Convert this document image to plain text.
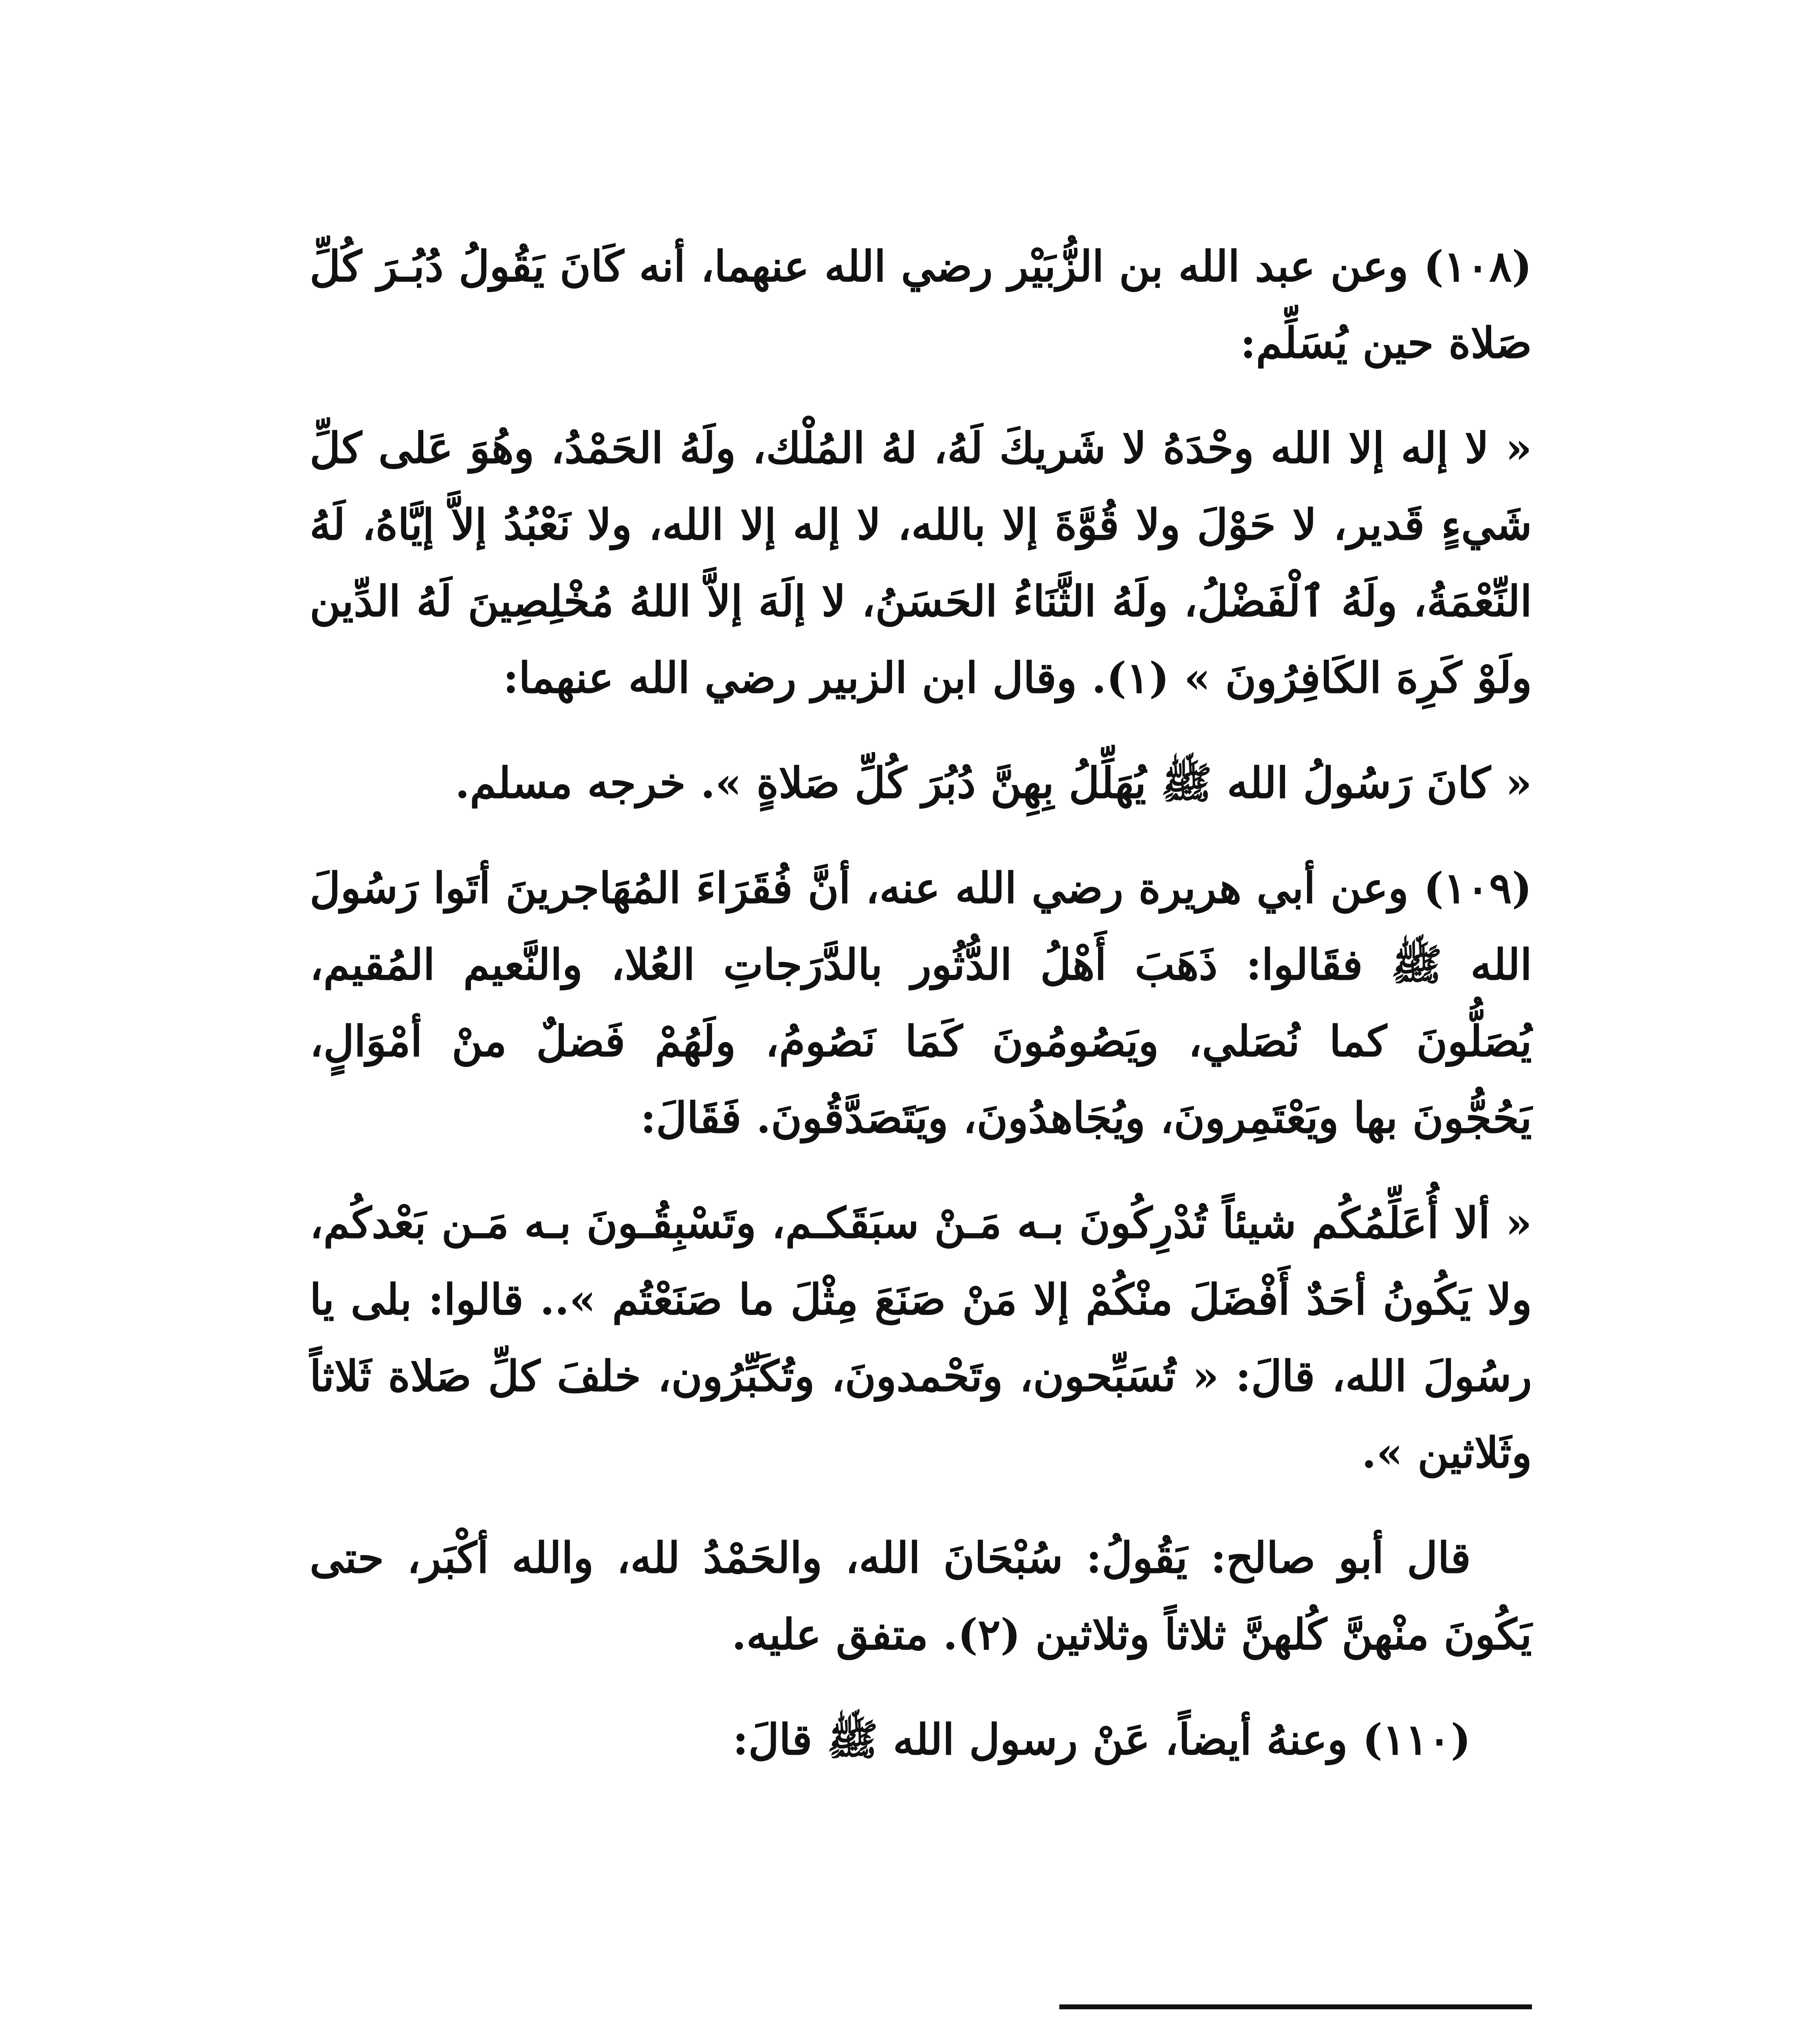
(١٠٨) وعن عبد الله بن الزُّبَيْر رضي الله عنهما، أنه كَانَ يَقُولُ دُبُـرَ كُلِّ صَلاة حين يُسَلِّم:

« لا إله إلا الله وحْدَهُ لا شَريكَ لَهُ، لهُ المُلْك، ولَهُ الحَمْدُ، وهُوَ عَلى كلِّ شَيءٍ قَدير، لا حَوْلَ ولا قُوَّةَ إلا بالله، لا إله إلا الله، ولا نَعْبُدُ إلاَّ إيَّاهُ، لَهُ النِّعْمَةُ، ولَهُ ٱلْفَضْلُ، ولَهُ الثَّنَاءُ الحَسَنُ، لا إلَهَ إلاَّ اللهُ مُخْلِصِينَ لَهُ الدِّين ولَوْ كَرِهَ الكَافِرُونَ » (١). وقال ابن الزبير رضي الله عنهما:

« كانَ رَسُولُ الله ﷺ يُهَلِّلُ بِهِنَّ دُبُرَ كُلِّ صَلاةٍ ». خرجه مسلم.

(١٠٩) وعن أبي هريرة رضي الله عنه، أنَّ فُقَرَاءَ المُهَاجرينَ أتَوا رَسُولَ الله ﷺ فقَالوا: ذَهَبَ أَهْلُ الدُّثُور بالدَّرَجاتِ العُلا، والنَّعيم المُقيم، يُصَلُّونَ كما نُصَلي، ويَصُومُونَ كَمَا نَصُومُ، ولَهُمْ فَضلٌ منْ أمْوَالٍ، يَحُجُّونَ بها ويَعْتَمِرونَ، ويُجَاهدُونَ، ويَتَصَدَّقُونَ. فَقَالَ:

« ألا أُعَلِّمُكُم شيئاً تُدْرِكُونَ بـه مَـنْ سبَقَكـم، وتَسْبِقُـونَ بـه مَـن بَعْدكُم، ولا يَكُونُ أحَدٌ أَفْضَلَ منْكُمْ إلا مَنْ صَنَعَ مِثْلَ ما صَنَعْتُم ».. قالوا: بلى يا رسُولَ الله، قالَ: « تُسَبِّحون، وتَحْمدونَ، وتُكَبِّرُون، خلفَ كلِّ صَلاة ثَلاثاً وثَلاثين ».

قال أبو صالح: يَقُولُ: سُبْحَانَ الله، والحَمْدُ لله، والله أكْبَر، حتى يَكُونَ منْهنَّ كُلهنَّ ثلاثاً وثلاثين (٢). متفق عليه.

(١١٠) وعنهُ أيضاً، عَنْ رسول الله ﷺ قالَ:
